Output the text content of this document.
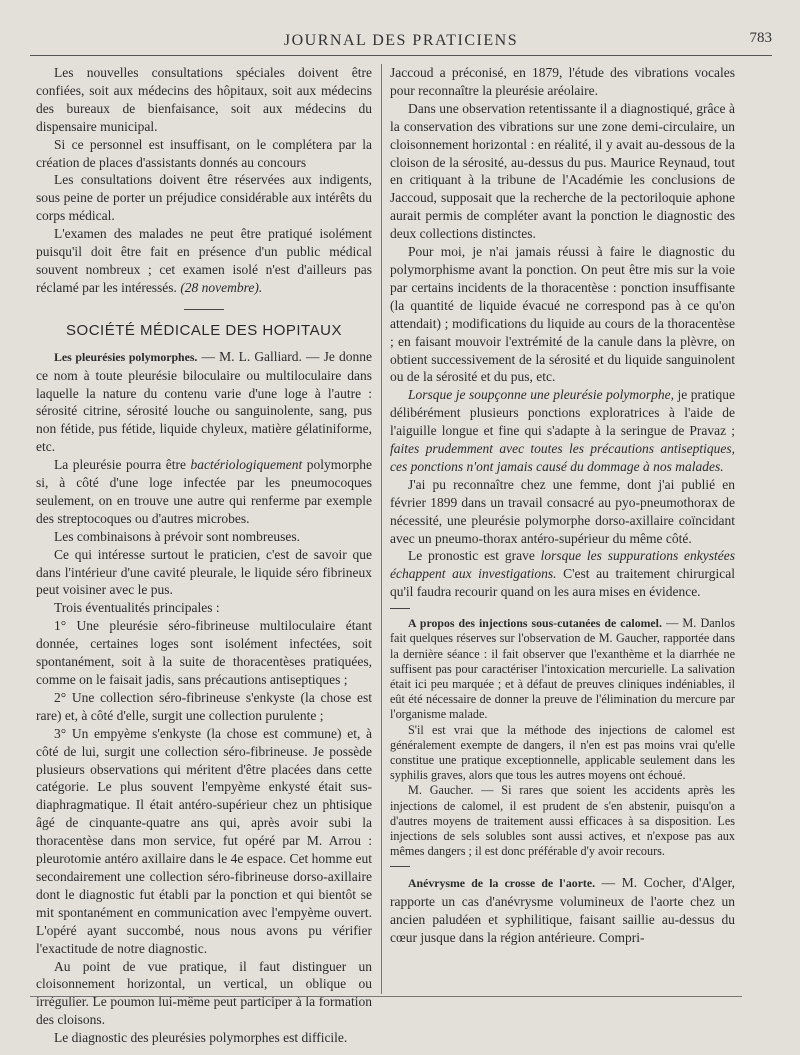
JOURNAL DES PRATICIENS	783

Les nouvelles consultations spéciales doivent être confiées, soit aux médecins des hôpitaux, soit aux médecins des bureaux de bienfaisance, soit aux médecins du dispensaire municipal.

Si ce personnel est insuffisant, on le complétera par la création de places d'assistants donnés au concours

Les consultations doivent être réservées aux indigents, sous peine de porter un préjudice considérable aux intérêts du corps médical.

L'examen des malades ne peut être pratiqué isolément puisqu'il doit être fait en présence d'un public médical souvent nombreux ; cet examen isolé n'est d'ailleurs pas réclamé par les intéressés. (28 novembre).

SOCIÉTÉ MÉDICALE DES HOPITAUX

Les pleurésies polymorphes. — M. L. Galliard. — Je donne ce nom à toute pleurésie biloculaire ou multiloculaire dans laquelle la nature du contenu varie d'une loge à l'autre : sérosité citrine, sérosité louche ou sanguinolente, sang, pus non fétide, pus fétide, liquide chyleux, matière gélatiniforme, etc.

La pleurésie pourra être bactériologiquement polymorphe si, à côté d'une loge infectée par les pneumocoques seulement, on en trouve une autre qui renferme par exemple des streptocoques ou d'autres microbes.

Les combinaisons à prévoir sont nombreuses.

Ce qui intéresse surtout le praticien, c'est de savoir que dans l'intérieur d'une cavité pleurale, le liquide séro fibrineux peut voisiner avec le pus.

Trois éventualités principales :

1° Une pleurésie séro-fibrineuse multiloculaire étant donnée, certaines loges sont isolément infectées, soit spontanément, soit à la suite de thoracentèses pratiquées, comme on le faisait jadis, sans précautions antiseptiques ;

2° Une collection séro-fibrineuse s'enkyste (la chose est rare) et, à côté d'elle, surgit une collection purulente ;

3° Un empyème s'enkyste (la chose est commune) et, à côté de lui, surgit une collection séro-fibrineuse. Je possède plusieurs observations qui méritent d'être placées dans cette catégorie. Le plus souvent l'empyème enkysté était sus-diaphragmatique. Il était antéro-supérieur chez un phtisique âgé de cinquante-quatre ans qui, après avoir subi la thoracentèse dans mon service, fut opéré par M. Arrou : pleurotomie antéro axillaire dans le 4e espace. Cet homme eut secondairement une collection séro-fibrineuse dorso-axillaire dont le diagnostic fut établi par la ponction et qui bientôt se mit spontanément en communication avec l'empyème ouvert. L'opéré ayant succombé, nous nous avons pu vérifier l'exactitude de notre diagnostic.

Au point de vue pratique, il faut distinguer un cloisonnement horizontal, un vertical, un oblique ou irrégulier. Le poumon lui-même peut participer à la formation des cloisons.

Le diagnostic des pleurésies polymorphes est difficile.

Jaccoud a préconisé, en 1879, l'étude des vibrations vocales pour reconnaître la pleurésie aréolaire.

Dans une observation retentissante il a diagnostiqué, grâce à la conservation des vibrations sur une zone demi-circulaire, un cloisonnement horizontal : en réalité, il y avait au-dessous de la cloison de la sérosité, au-dessus du pus. Maurice Reynaud, tout en critiquant à la tribune de l'Académie les conclusions de Jaccoud, supposait que la recherche de la pectoriloquie aphone aurait permis de compléter avant la ponction le diagnostic des deux collections distinctes.

Pour moi, je n'ai jamais réussi à faire le diagnostic du polymorphisme avant la ponction. On peut être mis sur la voie par certains incidents de la thoracentèse : ponction insuffisante (la quantité de liquide évacué ne correspond pas à ce qu'on attendait) ; modifications du liquide au cours de la thoracentèse ; en faisant mouvoir l'extrémité de la canule dans la plèvre, on obtient successivement de la sérosité et du liquide sanguinolent ou de la sérosité et du pus, etc.

Lorsque je soupçonne une pleurésie polymorphe, je pratique délibérément plusieurs ponctions exploratrices à l'aide de l'aiguille longue et fine qui s'adapte à la seringue de Pravaz ; faites prudemment avec toutes les précautions antiseptiques, ces ponctions n'ont jamais causé du dommage à nos malades.

J'ai pu reconnaître chez une femme, dont j'ai publié en février 1899 dans un travail consacré au pyo-pneumothorax de nécessité, une pleurésie polymorphe dorso-axillaire coïncidant avec un pneumo-thorax antéro-supérieur du même côté.

Le pronostic est grave lorsque les suppurations enkystées échappent aux investigations. C'est au traitement chirurgical qu'il faudra recourir quand on les aura mises en évidence.

A propos des injections sous-cutanées de calomel. — M. Danlos fait quelques réserves sur l'observation de M. Gaucher, rapportée dans la dernière séance : il fait observer que l'exanthème et la diarrhée ne suffisent pas pour caractériser l'intoxication mercurielle. La salivation était ici peu marquée ; et à défaut de preuves cliniques indéniables, il eût été nécessaire de donner la preuve de l'élimination du mercure par l'organisme malade.

S'il est vrai que la méthode des injections de calomel est généralement exempte de dangers, il n'en est pas moins vrai qu'elle constitue une pratique exceptionnelle, applicable seulement dans les syphilis graves, alors que tous les autres moyens ont échoué.

M. Gaucher. — Si rares que soient les accidents après les injections de calomel, il est prudent de s'en abstenir, puisqu'on a d'autres moyens de traitement aussi efficaces à sa disposition. Les injections de sels solubles sont aussi actives, et n'expose pas aux mêmes dangers ; il est donc préférable d'y avoir recours.

Anévrysme de la crosse de l'aorte. — M. Cocher, d'Alger, rapporte un cas d'anévrysme volumineux de l'aorte chez un ancien paludéen et syphilitique, faisant saillie au-dessus du cœur jusque dans la région antérieure. Compri-
